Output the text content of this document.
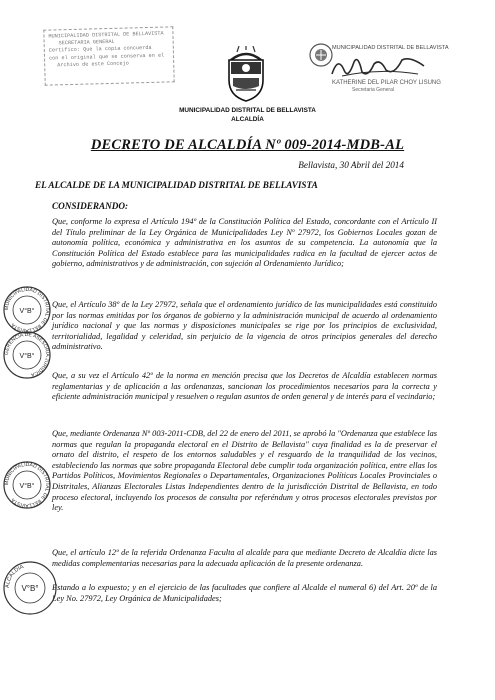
MUNICIPALIDAD DISTRITAL DE BELLAVISTA
SECRETARIA GENERAL
Certifico: Que la copia concuerda
con el original que se conserva en el
Archivo de este Concejo
MUNICIPALIDAD DISTRITAL DE BELLAVISTA
ALCALDÍA
MUNICIPALIDAD DISTRITAL DE BELLAVISTA
KATHERINE DEL PILAR CHOY LISUNG
Secretaria General
DECRETO DE ALCALDÍA Nº 009-2014-MDB-AL
Bellavista, 30 Abril del 2014
EL ALCALDE DE LA MUNICIPALIDAD DISTRITAL DE BELLAVISTA
CONSIDERANDO:
Que, conforme lo expresa el Artículo 194º de la Constitución Política del Estado, concordante con el Artículo II del Título preliminar de la Ley Orgánica de Municipalidades Ley Nº 27972, los Gobiernos Locales gozan de autonomía política, económica y administrativa en los asuntos de su competencia. La autonomía que la Constitución Política del Estado establece para las municipalidades radica en la facultad de ejercer actos de gobierno, administrativos y de administración, con sujeción al Ordenamiento Jurídico;
Que, el Artículo 38º de la Ley 27972, señala que el ordenamiento jurídico de las municipalidades está constituido por las normas emitidas por los órganos de gobierno y la administración municipal de acuerdo al ordenamiento jurídico nacional y que las normas y disposiciones municipales se rige por los principios de exclusividad, territorialidad, legalidad y celeridad, sin perjuicio de la vigencia de otros principios generales del derecho administrativo.
Que, a su vez el Artículo 42º de la norma en mención precisa que los Decretos de Alcaldía establecen normas reglamentarias y de aplicación a las ordenanzas, sancionan los procedimientos necesarios para la correcta y eficiente administración municipal y resuelven o regulan asuntos de orden general y de interés para el vecindario;
Que, mediante Ordenanza Nº 003-2011-CDB, del 22 de enero del 2011, se aprobó la "Ordenanza que establece las normas que regulan la propaganda electoral en el Distrito de Bellavista" cuya finalidad es la de preservar el ornato del distrito, el respeto de los entornos saludables y el resguardo de la tranquilidad de los vecinos, estableciendo las normas que sobre propaganda Electoral debe cumplir toda organización política, entre ellas los Partidos Políticos, Movimientos Regionales o Departamentales, Organizaciones Políticas Locales Provinciales o Distritales, Alianzas Electorales Listas Independientes dentro de la jurisdicción Distrital de Bellavista, en todo proceso electoral, incluyendo los procesos de consulta por referéndum y otros procesos electorales previstos por ley.
Que, el artículo 12º de la referida Ordenanza Faculta al alcalde para que mediante Decreto de Alcaldía dicte las medidas complementarias necesarias para la adecuada aplicación de la presente ordenanza.
Estando a lo expuesto; y en el ejercicio de las facultades que confiere al Alcalde el numeral 6) del Art. 20º de la Ley No. 27972, Ley Orgánica de Municipalidades;
MUNICIPALIDAD DISTRITAL DE BELLAVISTA
V°B°
GERENCIA DE ASESORIA JURIDICA
V°B°
MUNICIPALIDAD DISTRITAL DE BELLAVISTA
V°B°
ALCALDIA
V°B°
